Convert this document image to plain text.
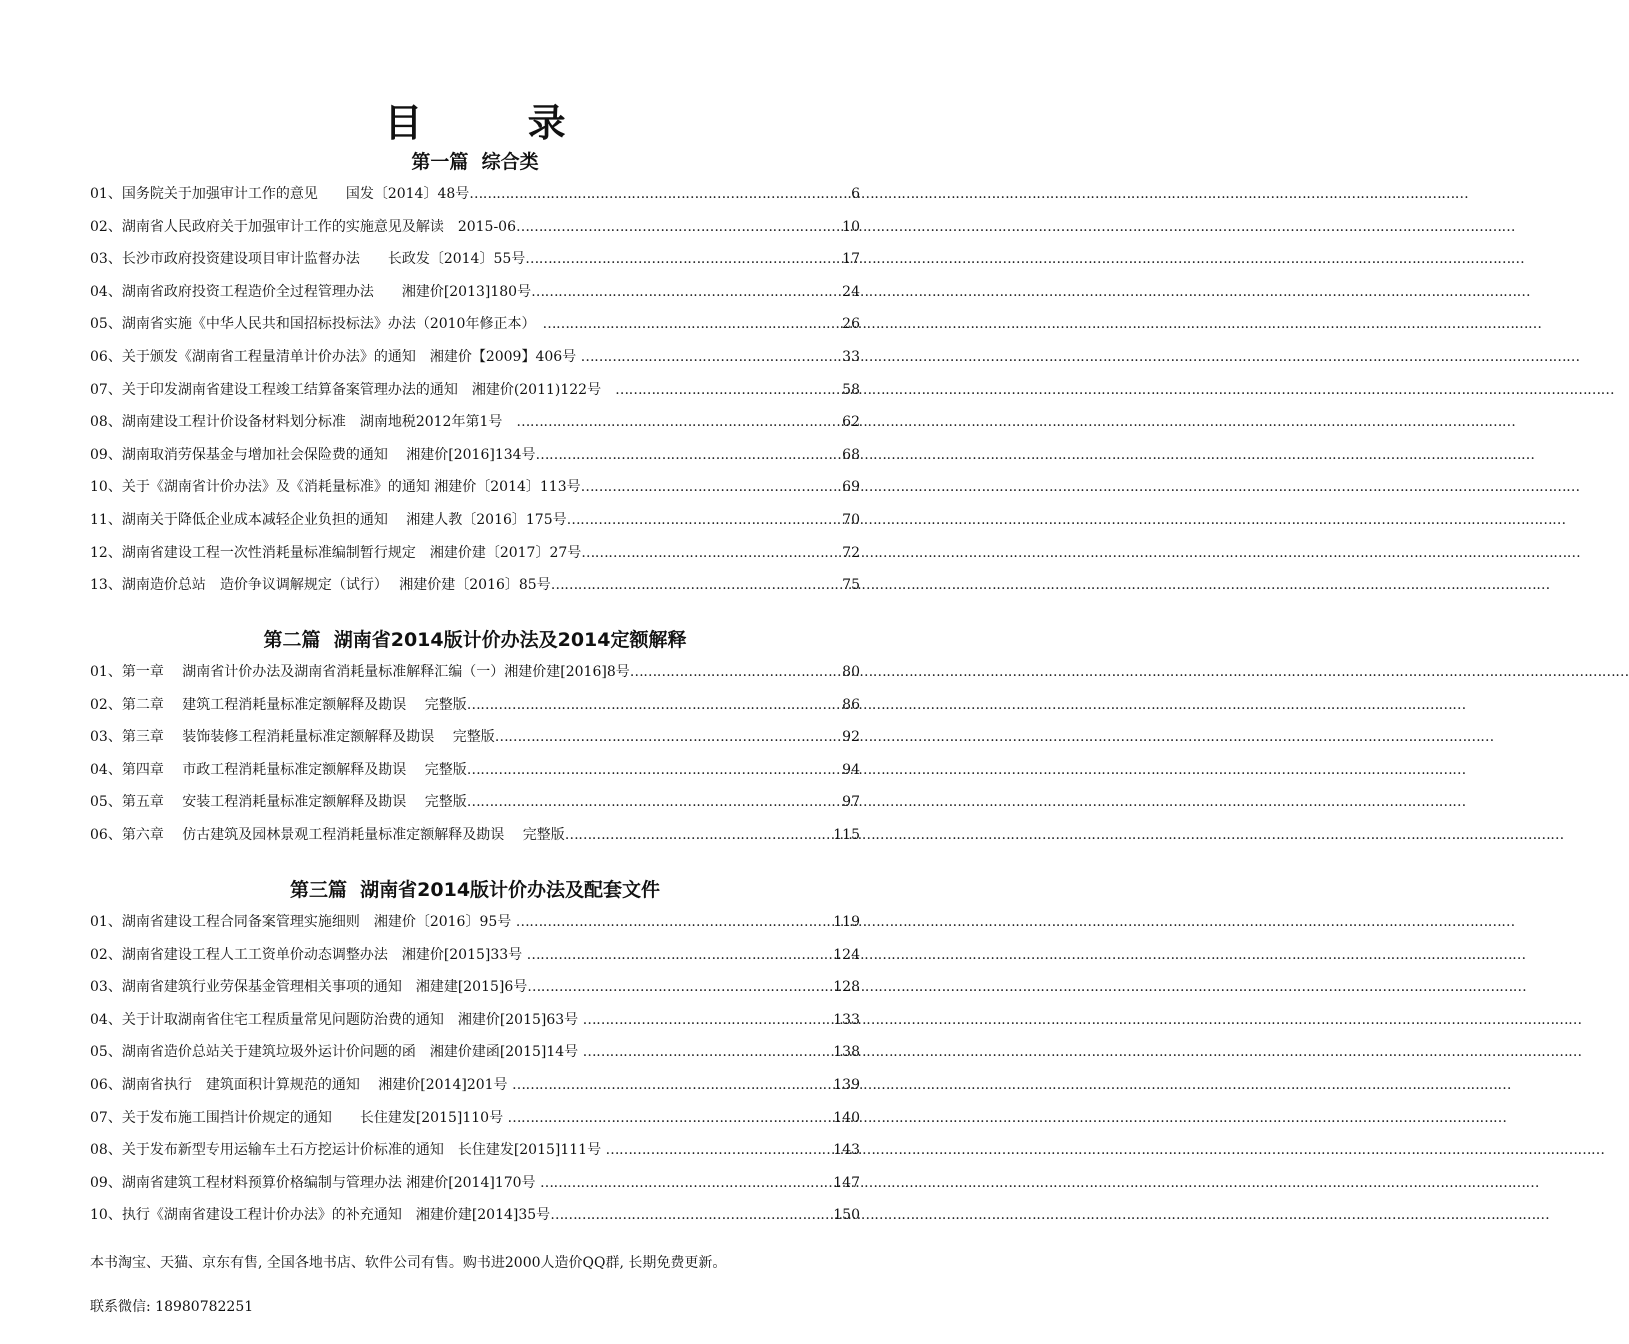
目 录
第一篇  综合类
01、国务院关于加强审计工作的意见　　国发〔2014〕48号 ……………………………………………………………………………………………………………………………………………………………………………………………………	6
02、湖南省人民政府关于加强审计工作的实施意见及解读　2015-06 ……………………………………………………………………………………………………………………………………………………………………………………………………	10
03、长沙市政府投资建设项目审计监督办法　　长政发〔2014〕55号 ……………………………………………………………………………………………………………………………………………………………………………………………………	17
04、湖南省政府投资工程造价全过程管理办法　　湘建价[2013]180号 ……………………………………………………………………………………………………………………………………………………………………………………………………	24
05、湖南省实施《中华人民共和国招标投标法》办法（2010年修正本）　 ……………………………………………………………………………………………………………………………………………………………………………………………………	26
06、关于颁发《湖南省工程量清单计价办法》的通知　湘建价【2009】406号 ……………………………………………………………………………………………………………………………………………………………………………………………………	33
07、关于印发湖南省建设工程竣工结算备案管理办法的通知　湘建价(2011)122号　 ……………………………………………………………………………………………………………………………………………………………………………………………………	58
08、湖南建设工程计价设备材料划分标准　湖南地税2012年第1号　 ……………………………………………………………………………………………………………………………………………………………………………………………………	62
09、湖南取消劳保基金与增加社会保险费的通知　 湘建价[2016]134号 ……………………………………………………………………………………………………………………………………………………………………………………………………	68
10、关于《湖南省计价办法》及《消耗量标准》的通知 湘建价〔2014〕113号 ……………………………………………………………………………………………………………………………………………………………………………………………………	69
11、湖南关于降低企业成本减轻企业负担的通知　 湘建人教〔2016〕175号 ……………………………………………………………………………………………………………………………………………………………………………………………………	70
12、湖南省建设工程一次性消耗量标准编制暂行规定　湘建价建〔2017〕27号 ……………………………………………………………………………………………………………………………………………………………………………………………………	72
13、湖南造价总站　造价争议调解规定（试行）　 湘建价建〔2016〕85号 ……………………………………………………………………………………………………………………………………………………………………………………………………	75
第二篇  湖南省2014版计价办法及2014定额解释
01、第一章　 湖南省计价办法及湖南省消耗量标准解释汇编（一）湘建价建[2016]8号 ……………………………………………………………………………………………………………………………………………………………………………………………………	80
02、第二章　 建筑工程消耗量标准定额解释及勘误　 完整版 ……………………………………………………………………………………………………………………………………………………………………………………………………	86
03、第三章　 装饰装修工程消耗量标准定额解释及勘误　 完整版 ……………………………………………………………………………………………………………………………………………………………………………………………………	92
04、第四章　 市政工程消耗量标准定额解释及勘误　 完整版 ……………………………………………………………………………………………………………………………………………………………………………………………………	94
05、第五章　 安装工程消耗量标准定额解释及勘误　 完整版 ……………………………………………………………………………………………………………………………………………………………………………………………………	97
06、第六章　 仿古建筑及园林景观工程消耗量标准定额解释及勘误　 完整版 ……………………………………………………………………………………………………………………………………………………………………………………………………	115
第三篇  湖南省2014版计价办法及配套文件
01、湖南省建设工程合同备案管理实施细则　湘建价〔2016〕95号 ……………………………………………………………………………………………………………………………………………………………………………………………………	119
02、湖南省建设工程人工工资单价动态调整办法　湘建价[2015]33号 ……………………………………………………………………………………………………………………………………………………………………………………………………	124
03、湖南省建筑行业劳保基金管理相关事项的通知　湘建建[2015]6号 ……………………………………………………………………………………………………………………………………………………………………………………………………	128
04、关于计取湖南省住宅工程质量常见问题防治费的通知　湘建价[2015]63号 ……………………………………………………………………………………………………………………………………………………………………………………………………	133
05、湖南省造价总站关于建筑垃圾外运计价问题的函　湘建价建函[2015]14号 ……………………………………………………………………………………………………………………………………………………………………………………………………	138
06、湖南省执行　建筑面积计算规范的通知　 湘建价[2014]201号 ……………………………………………………………………………………………………………………………………………………………………………………………………	139
07、关于发布施工围挡计价规定的通知　　长住建发[2015]110号 ……………………………………………………………………………………………………………………………………………………………………………………………………	140
08、关于发布新型专用运输车土石方挖运计价标准的通知　长住建发[2015]111号 ……………………………………………………………………………………………………………………………………………………………………………………………………	143
09、湖南省建筑工程材料预算价格编制与管理办法 湘建价[2014]170号 ……………………………………………………………………………………………………………………………………………………………………………………………………	147
10、执行《湖南省建设工程计价办法》的补充通知　湘建价建[2014]35号 ……………………………………………………………………………………………………………………………………………………………………………………………………	150
本书淘宝、天猫、京东有售, 全国各地书店、软件公司有售。购书进2000人造价QQ群, 长期免费更新。
联系微信: 18980782251
